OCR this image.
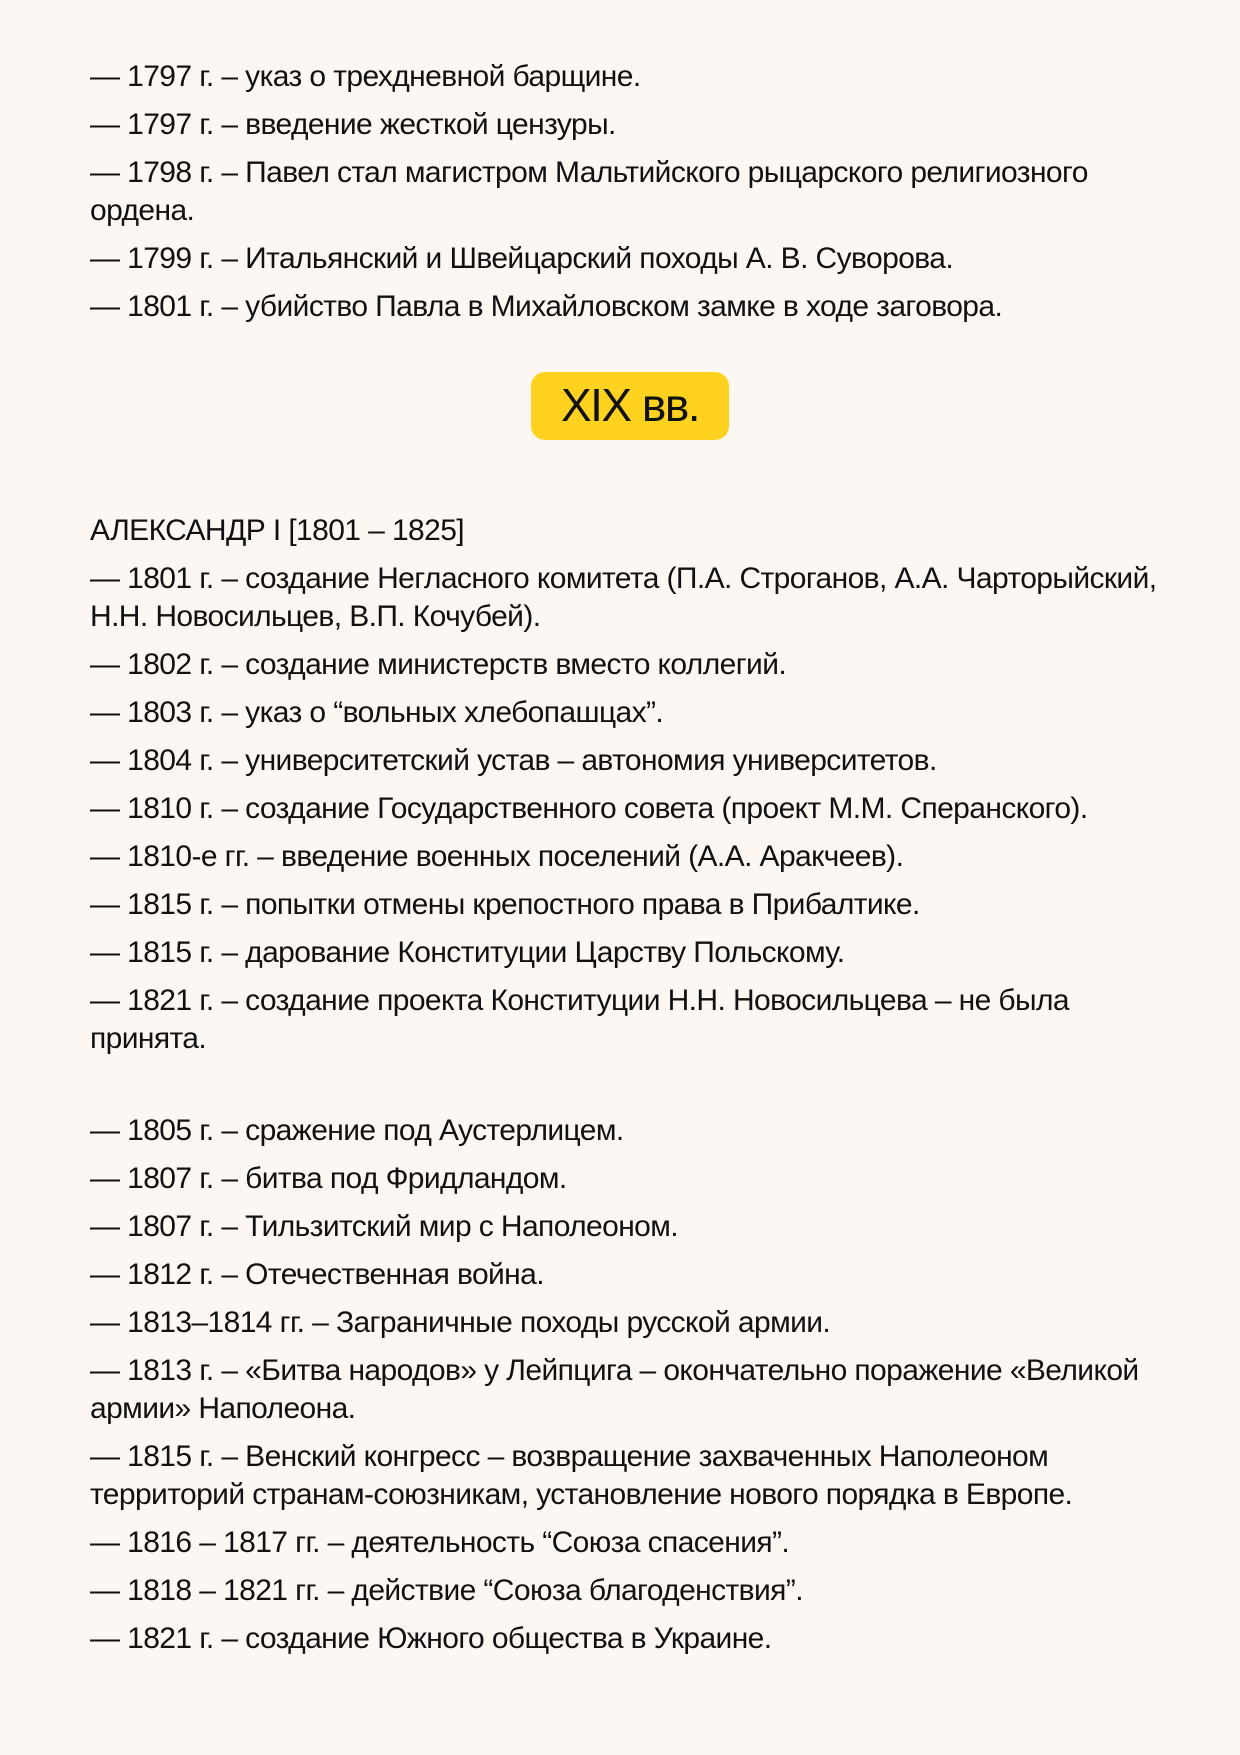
— 1797 г. – указ о трехдневной барщине.
— 1797 г. – введение жесткой цензуры.
— 1798 г. – Павел стал магистром Мальтийского рыцарского религиозного ордена.
— 1799 г. – Итальянский и Швейцарский походы А. В. Суворова.
— 1801 г. – убийство Павла в Михайловском замке в ходе заговора.
XIX вв.
АЛЕКСАНДР I [1801 – 1825]
— 1801 г. – создание Негласного комитета (П.А. Строганов, А.А. Чарторыйский, Н.Н. Новосильцев, В.П. Кочубей).
— 1802 г. – создание министерств вместо коллегий.
— 1803 г. – указ о “вольных хлебопашцах”.
— 1804 г. – университетский устав – автономия университетов.
— 1810 г. – создание Государственного совета (проект М.М. Сперанского).
— 1810-е гг. – введение военных поселений (А.А. Аракчеев).
— 1815 г. – попытки отмены крепостного права в Прибалтике.
— 1815 г. – дарование Конституции Царству Польскому.
— 1821 г. – создание проекта Конституции Н.Н. Новосильцева – не была принята.
— 1805 г. – сражение под Аустерлицем.
— 1807 г. – битва под Фридландом.
— 1807 г. – Тильзитский мир с Наполеоном.
— 1812 г. – Отечественная война.
— 1813–1814 гг. – Заграничные походы русской армии.
— 1813 г. – «Битва народов» у Лейпцига – окончательно поражение «Великой армии» Наполеона.
— 1815 г. – Венский конгресс – возвращение захваченных Наполеоном территорий странам-союзникам, установление нового порядка в Европе.
— 1816 – 1817 гг. – деятельность “Союза спасения”.
— 1818 – 1821 гг. – действие “Союза благоденствия”.
— 1821 г. – создание Южного общества в Украине.
